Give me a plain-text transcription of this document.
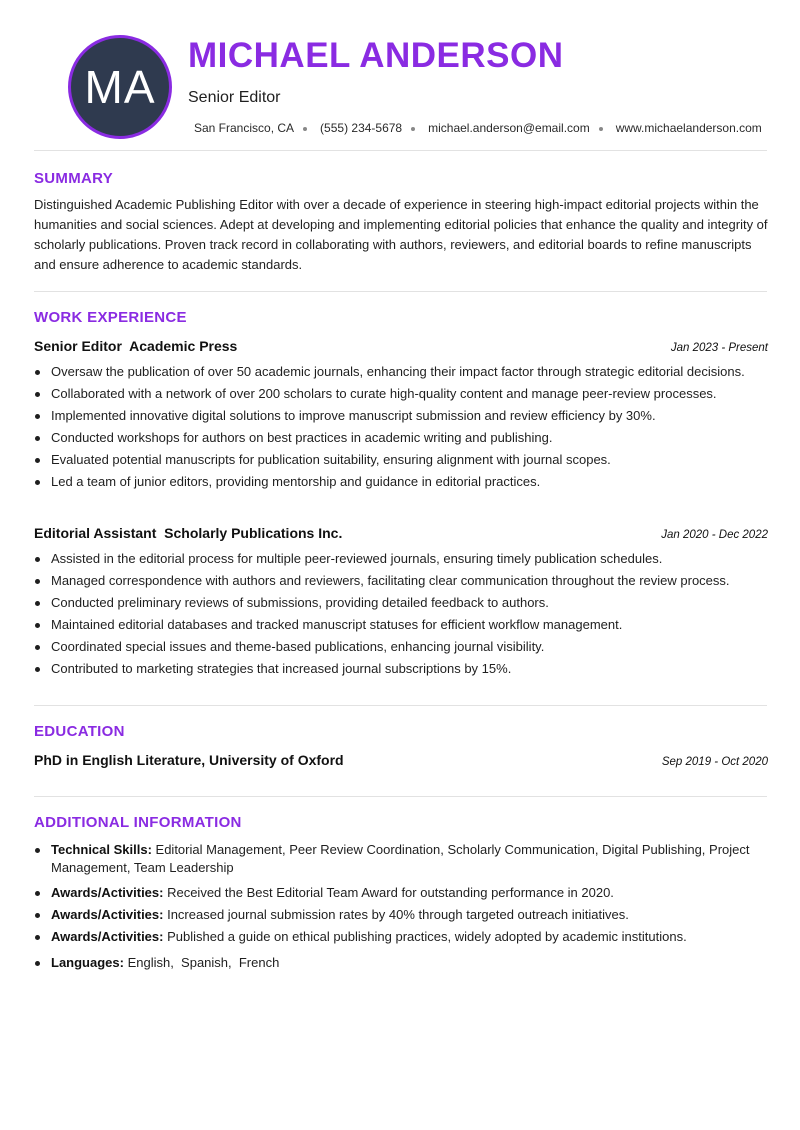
MA
MICHAEL ANDERSON
Senior Editor
San Francisco, CA (555) 234-5678 michael.anderson@email.com www.michaelanderson.com
SUMMARY
Distinguished Academic Publishing Editor with over a decade of experience in steering high-impact editorial projects within the humanities and social sciences. Adept at developing and implementing editorial policies that enhance the quality and integrity of scholarly publications. Proven track record in collaborating with authors, reviewers, and editorial boards to refine manuscripts and ensure adherence to academic standards.
WORK EXPERIENCE
Senior Editor  Academic Press	Jan 2023 - Present
Oversaw the publication of over 50 academic journals, enhancing their impact factor through strategic editorial decisions.
Collaborated with a network of over 200 scholars to curate high-quality content and manage peer-review processes.
Implemented innovative digital solutions to improve manuscript submission and review efficiency by 30%.
Conducted workshops for authors on best practices in academic writing and publishing.
Evaluated potential manuscripts for publication suitability, ensuring alignment with journal scopes.
Led a team of junior editors, providing mentorship and guidance in editorial practices.
Editorial Assistant  Scholarly Publications Inc.	Jan 2020 - Dec 2022
Assisted in the editorial process for multiple peer-reviewed journals, ensuring timely publication schedules.
Managed correspondence with authors and reviewers, facilitating clear communication throughout the review process.
Conducted preliminary reviews of submissions, providing detailed feedback to authors.
Maintained editorial databases and tracked manuscript statuses for efficient workflow management.
Coordinated special issues and theme-based publications, enhancing journal visibility.
Contributed to marketing strategies that increased journal subscriptions by 15%.
EDUCATION
PhD in English Literature, University of Oxford	Sep 2019 - Oct 2020
ADDITIONAL INFORMATION
Technical Skills: Editorial Management, Peer Review Coordination, Scholarly Communication, Digital Publishing, Project Management, Team Leadership
Awards/Activities: Received the Best Editorial Team Award for outstanding performance in 2020.
Awards/Activities: Increased journal submission rates by 40% through targeted outreach initiatives.
Awards/Activities: Published a guide on ethical publishing practices, widely adopted by academic institutions.
Languages: English,  Spanish,  French
